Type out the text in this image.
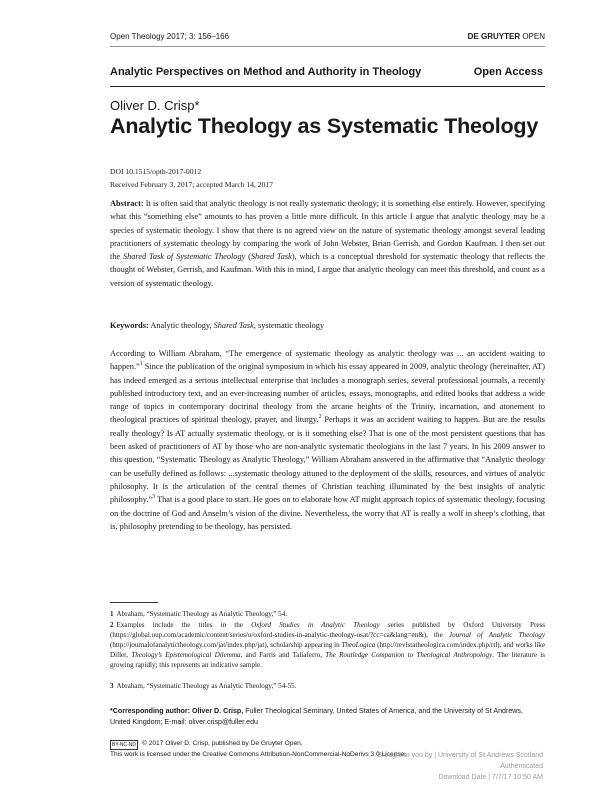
Open Theology 2017; 3: 156–166	DE GRUYTER OPEN
Analytic Perspectives on Method and Authority in Theology	Open Access
Oliver D. Crisp*
Analytic Theology as Systematic Theology
DOI 10.1515/opth-2017-0012
Received February 3, 2017; accepted March 14, 2017

Abstract: It is often said that analytic theology is not really systematic theology; it is something else entirely. However, specifying what this “something else” amounts to has proven a little more difficult. In this article I argue that analytic theology may be a species of systematic theology. I show that there is no agreed view on the nature of systematic theology amongst several leading practitioners of systematic theology by comparing the work of John Webster, Brian Gerrish, and Gordon Kaufman. I then set out the Shared Task of Systematic Theology (Shared Task), which is a conceptual threshold for systematic theology that reflects the thought of Webster, Gerrish, and Kaufman. With this in mind, I argue that analytic theology can meet this threshold, and count as a version of systematic theology.

Keywords: Analytic theology, Shared Task, systematic theology

According to William Abraham, “The emergence of systematic theology as analytic theology was ... an accident waiting to happen.”$^1$ Since the publication of the original symposium in which his essay appeared in 2009, analytic theology (hereinafter, AT) has indeed emerged as a serious intellectual enterprise that includes a monograph series, several professional journals, a recently published introductory text, and an ever-increasing number of articles, essays, monographs, and edited books that address a wide range of topics in contemporary doctrinal theology from the arcane heights of the Trinity, incarnation, and atonement to theological practices of spiritual theology, prayer, and liturgy.$^2$ Perhaps it was an accident waiting to happen. But are the results really theology? Is AT actually systematic theology, or is it something else? That is one of the most persistent questions that has been asked of practitioners of AT by those who are non-analytic systematic theologians in the last 7 years. In his 2009 answer to this question, “Systematic Theology as Analytic Theology,” William Abraham answered in the affirmative that “Analytic theology can be usefully defined as follows: ...systematic theology attuned to the deployment of the skills, resources, and virtues of analytic philosophy. It is the articulation of the central themes of Christian teaching illuminated by the best insights of analytic philosophy.”$^3$ That is a good place to start. He goes on to elaborate how AT might approach topics of systematic theology, focusing on the doctrine of God and Anselm’s vision of the divine. Nevertheless, the worry that AT is really a wolf in sheep’s clothing, that is, philosophy pretending to be theology, has persisted.

1 Abraham, “Systematic Theology as Analytic Theology,” 54.
2 Examples include the titles in the Oxford Studies in Analytic Theology series published by Oxford University Press (https://global.oup.com/academic/content/series/o/oxford-studies-in-analytic-theology-osat/?cc=ca&lang=en&), the Journal of Analytic Theology (http://journalofanalytictheology.com/jat/index.php/jat), scholarship appearing in TheoLogica (http://revistatheologica.com/index.php/rtl), and works like Diller, Theology’s Epistemological Dilemma, and Farris and Taliaferro, The Routledge Companion to Theological Anthropology. The literature is growing rapidly; this represents an indicative sample.
3 Abraham, “Systematic Theology as Analytic Theology,” 54-55.
*Corresponding author: Oliver D. Crisp, Fuller Theological Seminary, United States of America, and the University of St Andrews, United Kingdom; E-mail: oliver.crisp@fuller.edu
BY-NC-ND © 2017 Oliver D. Crisp, published by De Gruyter Open.
This work is licensed under the Creative Commons Attribution-NonCommercial-NoDerivs 3.0 License.
Brought to you by | University of St Andrews Scotland
Authenticated
Download Date | 7/7/17 10:50 AM
